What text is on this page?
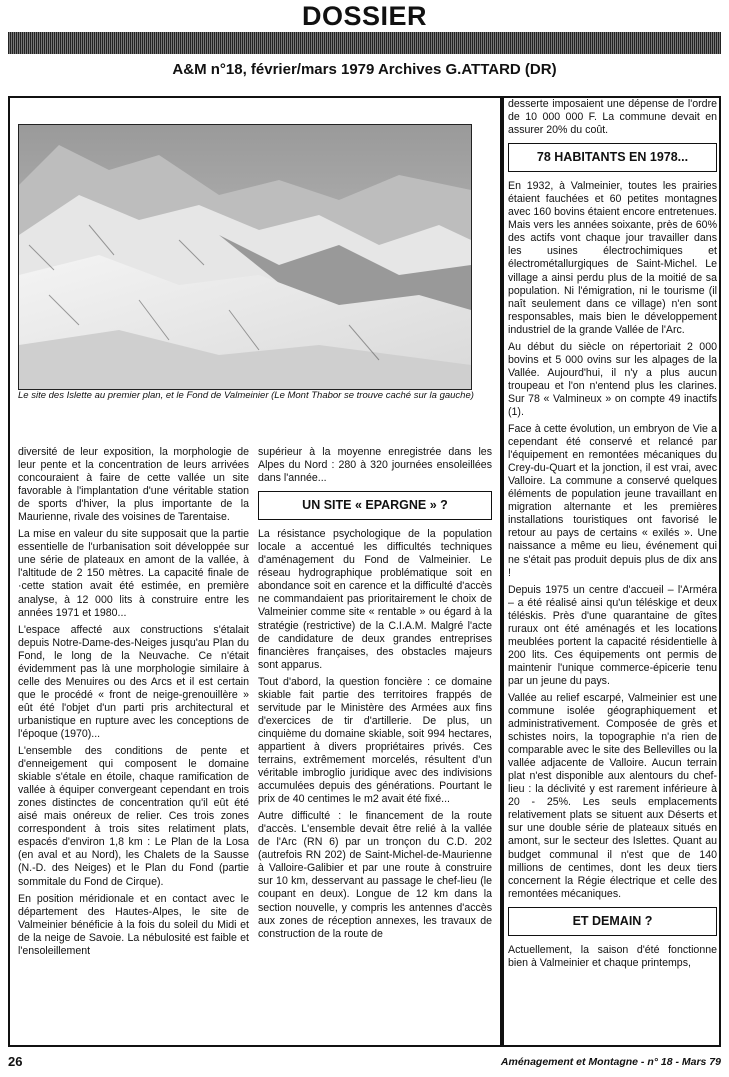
DOSSIER
A&M n°18, février/mars 1979 Archives G.ATTARD (DR)
Le site des Islette au premier plan, et le Fond de Valmeinier (Le Mont Thabor se trouve caché sur la gauche)

diversité de leur exposition, la morphologie de leur pente et la concentration de leurs arrivées concouraient à faire de cette vallée un site favorable à l'implantation d'une véritable station de sports d'hiver, la plus importante de la Maurienne, rivale des voisines de Tarentaise.

La mise en valeur du site supposait que la partie essentielle de l'urbanisation soit développée sur une série de plateaux en amont de la vallée, à l'altitude de 2 150 mètres. La capacité finale de ·cette station avait été estimée, en première analyse, à 12 000 lits à construire entre les années 1971 et 1980...

L'espace affecté aux constructions s'étalait depuis Notre-Dame-des-Neiges jusqu'au Plan du Fond, le long de la Neuvache. Ce n'était évidemment pas là une morphologie similaire à celle des Menuires ou des Arcs et il est certain que le procédé « front de neige-grenouillère » eût été l'objet d'un parti pris architectural et urbanistique en rupture avec les conceptions de l'époque (1970)...

L'ensemble des conditions de pente et d'enneigement qui composent le domaine skiable s'étale en étoile, chaque ramification de vallée à équiper convergeant cependant en trois zones distinctes de concentration qu'il eût été aisé mais onéreux de relier. Ces trois zones correspondent à trois sites relatiment plats, espacés d'environ 1,8 km : Le Plan de la Losa (en aval et au Nord), les Chalets de la Sausse (N.-D. des Neiges) et le Plan du Fond (partie sommitale du Fond de Cirque).

En position méridionale et en contact avec le département des Hautes-Alpes, le site de Valmeinier bénéficie à la fois du soleil du Midi et de la neige de Savoie. La nébulosité est faible et l'ensoleillement

supérieur à la moyenne enregistrée dans les Alpes du Nord : 280 à 320 journées ensoleillées dans l'année...

UN SITE « EPARGNE » ?

La résistance psychologique de la population locale a accentué les difficultés techniques d'aménagement du Fond de Valmeinier. Le réseau hydrographique problématique soit en abondance soit en carence et la difficulté d'accès ne commandaient pas prioritairement le choix de Valmeinier comme site « rentable » ou égard à la stratégie (restrictive) de la C.I.A.M. Malgré l'acte de candidature de deux grandes entreprises financières françaises, des obstacles majeurs sont apparus.

Tout d'abord, la question foncière : ce domaine skiable fait partie des territoires frappés de servitude par le Ministère des Armées aux fins d'exercices de tir d'artillerie. De plus, un cinquième du domaine skiable, soit 994 hectares, appartient à divers propriétaires privés. Ces terrains, extrêmement morcelés, résultent d'un véritable imbroglio juridique avec des indivisions accumulées depuis des générations. Pourtant le prix de 40 centimes le m2 avait été fixé...

Autre difficulté : le financement de la route d'accès. L'ensemble devait être relié à la vallée de l'Arc (RN 6) par un tronçon du C.D. 202 (autrefois RN 202) de Saint-Michel-de-Maurienne à Valloire-Galibier et par une route à construire sur 10 km, desservant au passage le chef-lieu (le coupant en deux). Longue de 12 km dans la section nouvelle, y compris les antennes d'accès aux zones de réception annexes, les travaux de construction de la route de

desserte imposaient une dépense de l'ordre de 10 000 000 F. La commune devait en assurer 20% du coût.

78 HABITANTS EN 1978...

En 1932, à Valmeinier, toutes les prairies étaient fauchées et 60 petites montagnes avec 160 bovins étaient encore entretenues. Mais vers les années soixante, près de 60% des actifs vont chaque jour travailler dans les usines électrochimiques et électrométallurgiques de Saint-Michel. Le village a ainsi perdu plus de la moitié de sa population. Ni l'émigration, ni le tourisme (il naît seulement dans ce village) n'en sont responsables, mais bien le développement industriel de la grande Vallée de l'Arc.

Au début du siècle on répertoriait 2 000 bovins et 5 000 ovins sur les alpages de la Vallée. Aujourd'hui, il n'y a plus aucun troupeau et l'on n'entend plus les clarines. Sur 78 « Valmineux » on compte 49 inactifs (1).

Face à cette évolution, un embryon de Vie a cependant été conservé et relancé par l'équipement en remontées mécaniques du Crey-du-Quart et la jonction, il est vrai, avec Valloire. La commune a conservé quelques éléments de population jeune travaillant en migration alternante et les premières installations touristiques ont favorisé le retour au pays de certains « exilés ». Une naissance a même eu lieu, événement qui ne s'était pas produit depuis plus de dix ans !

Depuis 1975 un centre d'accueil – l'Arméra – a été réalisé ainsi qu'un téléskige et deux téléskis. Près d'une quarantaine de gîtes ruraux ont été aménagés et les locations meublées portent la capacité résidentielle à 200 lits. Ces équipements ont permis de maintenir l'unique commerce-épicerie tenu par un jeune du pays.

Vallée au relief escarpé, Valmeinier est une commune isolée géographiquement et administrativement. Composée de grès et schistes noirs, la topographie n'a rien de comparable avec le site des Bellevilles ou la vallée adjacente de Valloire. Aucun terrain plat n'est disponible aux alentours du chef-lieu : la déclivité y est rarement inférieure à 20 - 25%. Les seuls emplacements relativement plats se situent aux Déserts et sur une double série de plateaux situés en amont, sur le secteur des Islettes. Quant au budget communal il n'est que de 140 millions de centimes, dont les deux tiers concernent la Régie électrique et celle des remontées mécaniques.

ET DEMAIN ?

Actuellement, la saison d'été fonctionne bien à Valmeinier et chaque printemps,

26	Aménagement et Montagne - n° 18 - Mars 79
